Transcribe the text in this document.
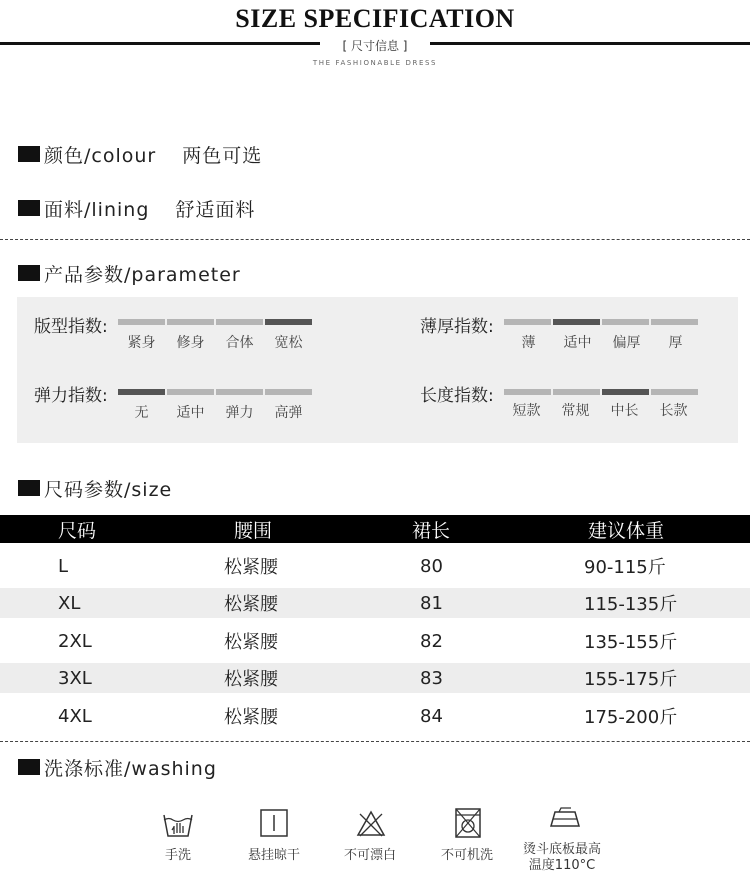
SIZE SPECIFICATION
[ 尺寸信息 ]
THE FASHIONABLE DRESS
颜色/colour 两色可选
面料/lining 舒适面料
产品参数/parameter
版型指数:
紧身	修身	合体	宽松
薄厚指数:
薄	适中	偏厚	厚
弹力指数:
无	适中	弹力	高弹
长度指数:
短款	常规	中长	长款
尺码参数/size
尺码	腰围	裙长	建议体重
L	松紧腰	80	90-115斤
XL	松紧腰	81	115-135斤
2XL	松紧腰	82	135-155斤
3XL	松紧腰	83	155-175斤
4XL	松紧腰	84	175-200斤
洗涤标准/washing
手洗	悬挂晾干	不可漂白	不可机洗	烫斗底板最高
温度110°C
